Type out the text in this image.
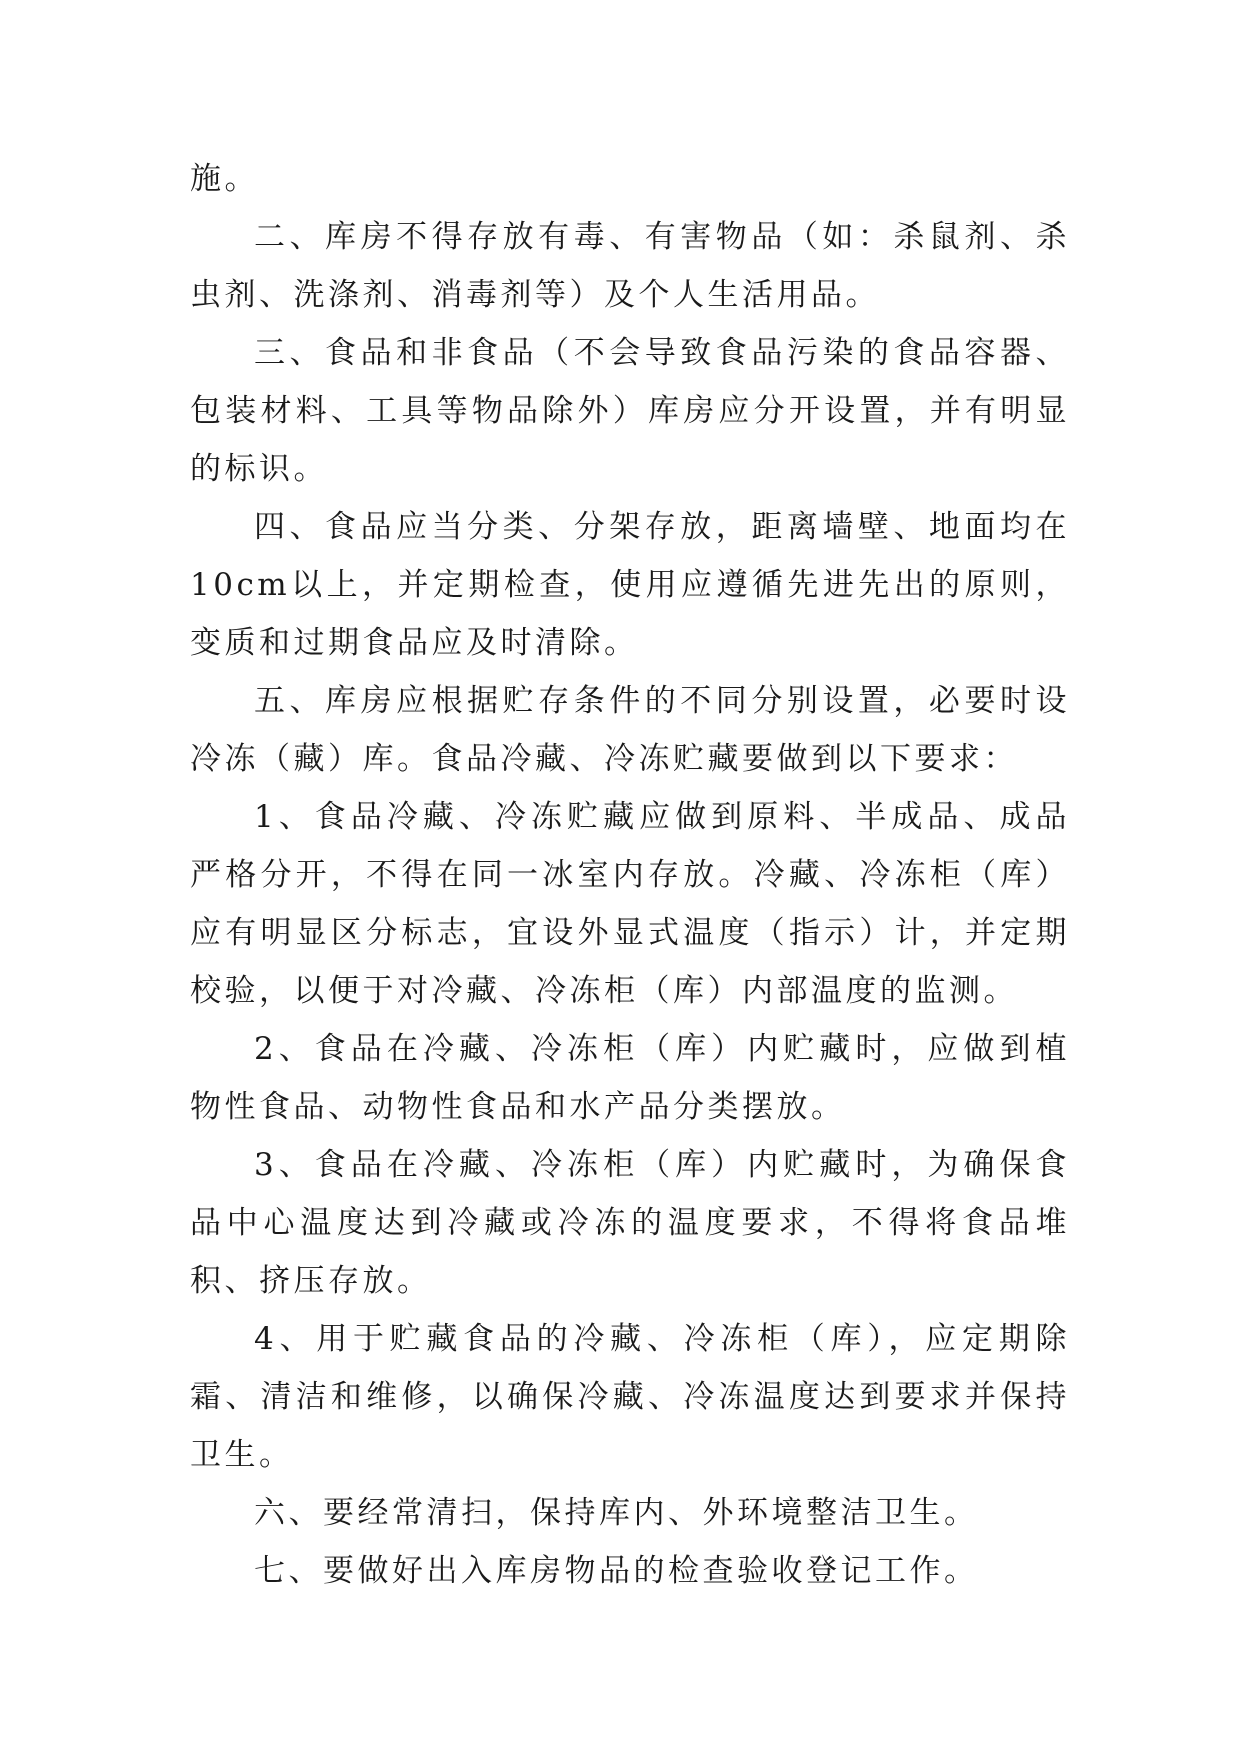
施。

二、库房不得存放有毒、有害物品（如：杀鼠剂、杀虫剂、洗涤剂、消毒剂等）及个人生活用品。

三、食品和非食品（不会导致食品污染的食品容器、包装材料、工具等物品除外）库房应分开设置，并有明显的标识。

四、食品应当分类、分架存放，距离墙壁、地面均在10cm以上，并定期检查，使用应遵循先进先出的原则，变质和过期食品应及时清除。

五、库房应根据贮存条件的不同分别设置，必要时设冷冻（藏）库。食品冷藏、冷冻贮藏要做到以下要求：

1、食品冷藏、冷冻贮藏应做到原料、半成品、成品严格分开，不得在同一冰室内存放。冷藏、冷冻柜（库）应有明显区分标志，宜设外显式温度（指示）计，并定期校验，以便于对冷藏、冷冻柜（库）内部温度的监测。

2、食品在冷藏、冷冻柜（库）内贮藏时，应做到植物性食品、动物性食品和水产品分类摆放。

3、食品在冷藏、冷冻柜（库）内贮藏时，为确保食品中心温度达到冷藏或冷冻的温度要求，不得将食品堆积、挤压存放。

4、用于贮藏食品的冷藏、冷冻柜（库），应定期除霜、清洁和维修，以确保冷藏、冷冻温度达到要求并保持卫生。

六、要经常清扫，保持库内、外环境整洁卫生。

七、要做好出入库房物品的检查验收登记工作。
